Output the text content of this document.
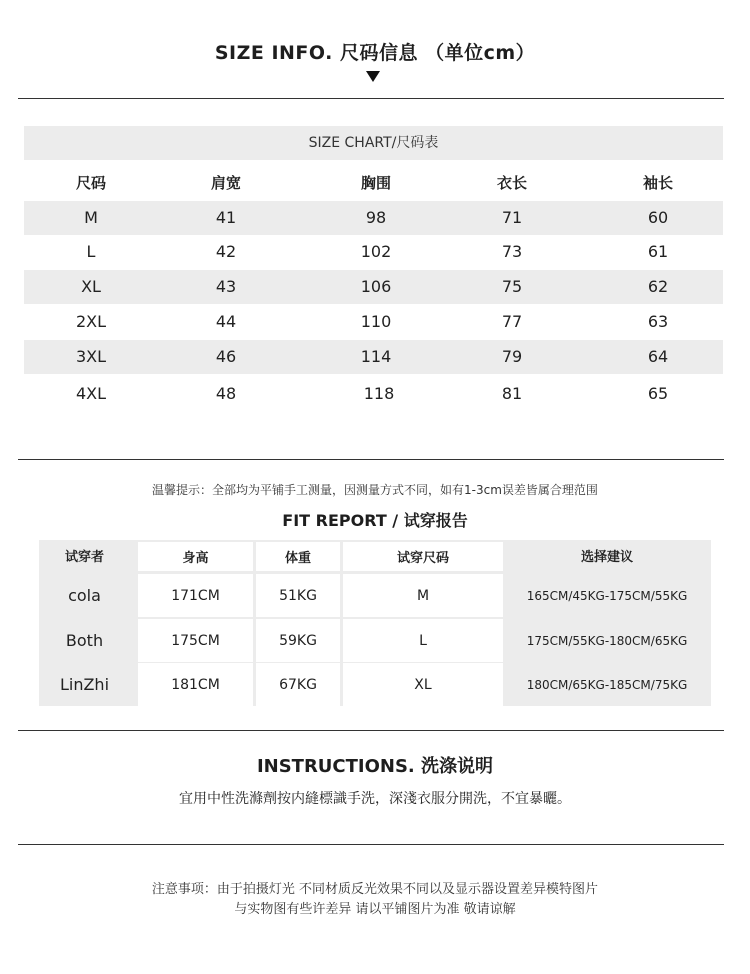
SIZE INFO. 尺码信息 （单位cm）
SIZE CHART/尺码表
尺码	肩宽	胸围	衣长	袖长
M	41	98	71	60
L	42	102	73	61
XL	43	106	75	62
2XL	44	110	77	63
3XL	46	114	79	64
4XL	48	118	81	65
温馨提示：全部均为平铺手工测量，因测量方式不同，如有1-3cm误差皆属合理范围
FIT REPORT / 试穿报告
试穿者	身高	体重	试穿尺码	选择建议
cola	171CM	51KG	M	165CM/45KG-175CM/55KG
Both	175CM	59KG	L	175CM/55KG-180CM/65KG
LinZhi	181CM	67KG	XL	180CM/65KG-185CM/75KG
INSTRUCTIONS. 洗涤说明
宜用中性洗滌劑按内縫標識手洗，深淺衣服分開洗，不宜暴曬。
注意事项：由于拍摄灯光 不同材质反光效果不同以及显示器设置差异模特图片
与实物图有些许差异 请以平铺图片为准 敬请谅解
